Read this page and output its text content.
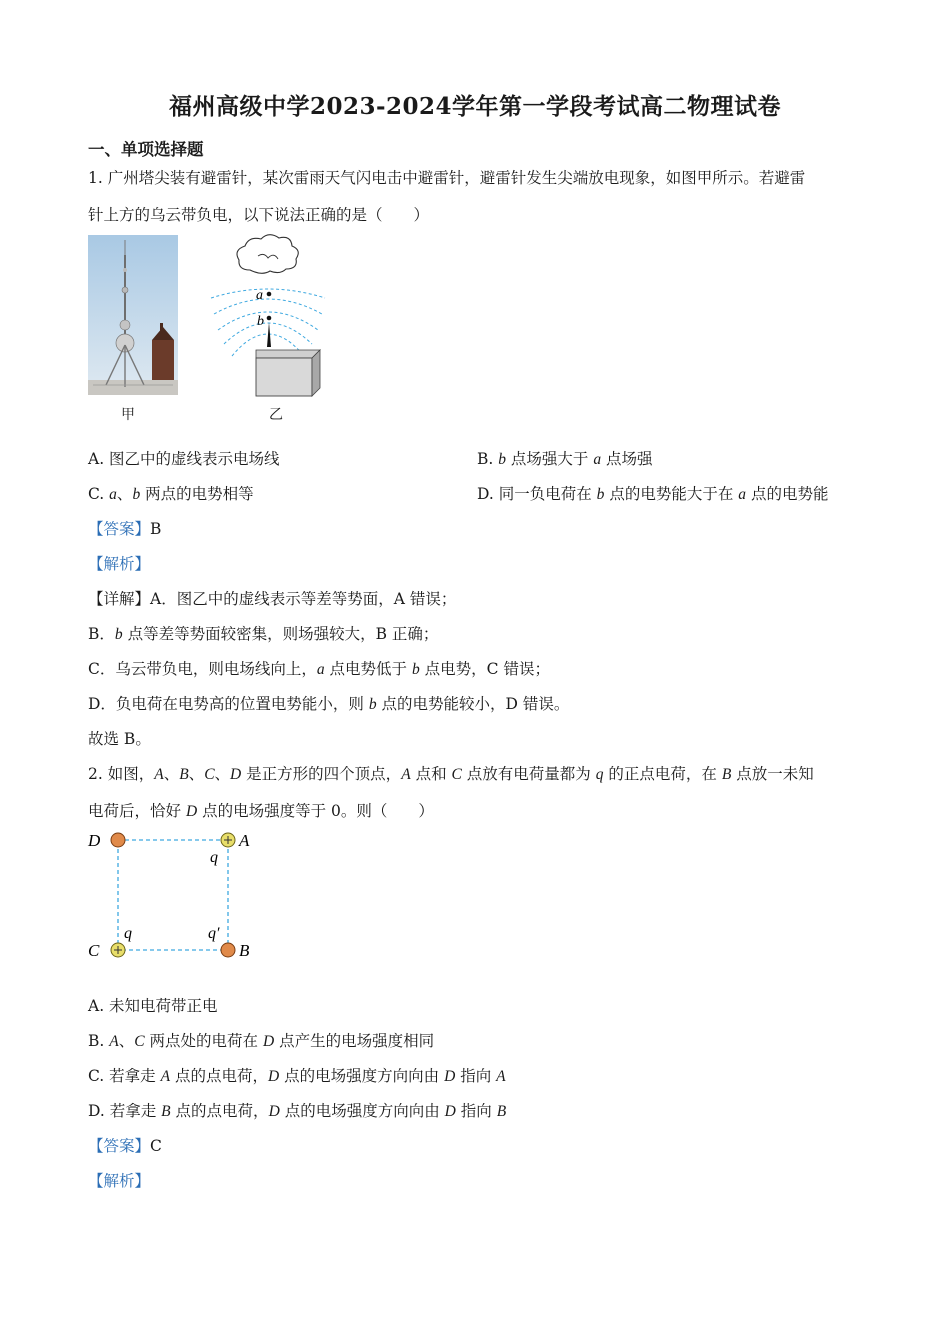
福州高级中学2023-2024学年第一学段考试高二物理试卷
一、单项选择题
1. 广州塔尖装有避雷针，某次雷雨天气闪电击中避雷针，避雷针发生尖端放电现象，如图甲所示。若避雷
针上方的乌云带负电，以下说法正确的是（　　）
甲
a
b
乙
A. 图乙中的虚线表示电场线	B. b 点场强大于 a 点场强
C. a、b 两点的电势相等	D. 同一负电荷在 b 点的电势能大于在 a 点的电势能
【答案】B
【解析】
【详解】A．图乙中的虚线表示等差等势面，A 错误；
B．b 点等差等势面较密集，则场强较大，B 正确；
C．乌云带负电，则电场线向上，a 点电势低于 b 点电势，C 错误；
D．负电荷在电势高的位置电势能小，则 b 点的电势能较小，D 错误。
故选 B。
2. 如图，A、B、C、D 是正方形的四个顶点，A 点和 C 点放有电荷量都为 q 的正点电荷，在 B 点放一未知
电荷后，恰好 D 点的电场强度等于 0。则（　　）
D	A
C	B
q
q	q′
A. 未知电荷带正电
B. A、C 两点处的电荷在 D 点产生的电场强度相同
C. 若拿走 A 点的点电荷，D 点的电场强度方向向由 D 指向 A
D. 若拿走 B 点的点电荷，D 点的电场强度方向向由 D 指向 B
【答案】C
【解析】
